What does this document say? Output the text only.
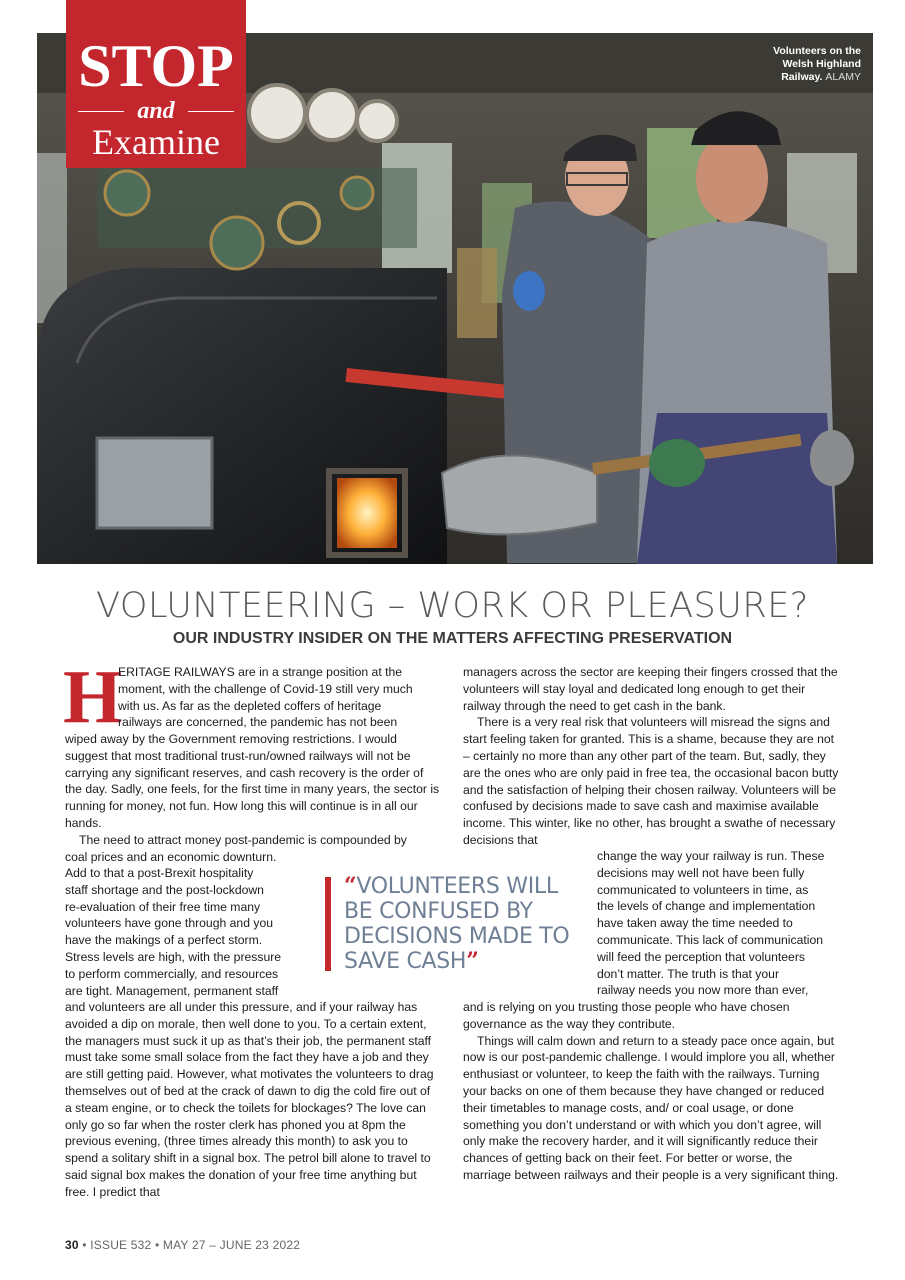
Volunteers on the Welsh Highland Railway. ALAMY
STOP
and
Examine
VOLUNTEERING – WORK OR PLEASURE?
OUR INDUSTRY INSIDER ON THE MATTERS AFFECTING PRESERVATION
H
ERITAGE RAILWAYS are in a strange position at the
moment, with the challenge of Covid-19 still very much
with us. As far as the depleted coffers of heritage
railways are concerned, the pandemic has not been

wiped away by the Government removing restrictions. I would suggest that most traditional trust-run/owned railways will not be carrying any significant reserves, and cash recovery is the order of the day. Sadly, one feels, for the first time in many years, the sector is running for money, not fun. How long this will continue is in all our hands.

The need to attract money post-pandemic is compounded by
coal prices and an economic downturn.
Add to that a post-Brexit hospitality
staff shortage and the post-lockdown
re-evaluation of their free time many
volunteers have gone through and you
have the makings of a perfect storm.
Stress levels are high, with the pressure
to perform commercially, and resources
are tight. Management, permanent staff

and volunteers are all under this pressure, and if your railway has avoided a dip on morale, then well done to you. To a certain extent, the managers must suck it up as that’s their job, the permanent staff must take some small solace from the fact they have a job and they are still getting paid. However, what motivates the volunteers to drag themselves out of bed at the crack of dawn to dig the cold fire out of a steam engine, or to check the toilets for blockages? The love can only go so far when the roster clerk has phoned you at 8pm the previous evening, (three times already this month) to ask you to spend a solitary shift in a signal box. The petrol bill alone to travel to said signal box makes the donation of your free time anything but free. I predict that

“VOLUNTEERS WILL BE CONFUSED BY DECISIONS MADE TO SAVE CASH”

managers across the sector are keeping their fingers crossed that the volunteers will stay loyal and dedicated long enough to get their railway through the need to get cash in the bank.

There is a very real risk that volunteers will misread the signs and start feeling taken for granted. This is a shame, because they are not – certainly no more than any other part of the team. But, sadly, they are the ones who are only paid in free tea, the occasional bacon butty and the satisfaction of helping their chosen railway. Volunteers will be confused by decisions made to save cash and maximise available income. This winter, like no other, has brought a swathe of necessary decisions that

change the way your railway is run. These
decisions may well not have been fully
communicated to volunteers in time, as
the levels of change and implementation
have taken away the time needed to
communicate. This lack of communication
will feed the perception that volunteers
don’t matter. The truth is that your
railway needs you now more than ever,

and is relying on you trusting those people who have chosen governance as the way they contribute.

Things will calm down and return to a steady pace once again, but now is our post-pandemic challenge. I would implore you all, whether enthusiast or volunteer, to keep the faith with the railways. Turning your backs on one of them because they have changed or reduced their timetables to manage costs, and/ or coal usage, or done something you don’t understand or with which you don’t agree, will only make the recovery harder, and it will significantly reduce their chances of getting back on their feet. For better or worse, the marriage between railways and their people is a very significant thing.

30 • ISSUE 532 • MAY 27 – JUNE 23 2022
